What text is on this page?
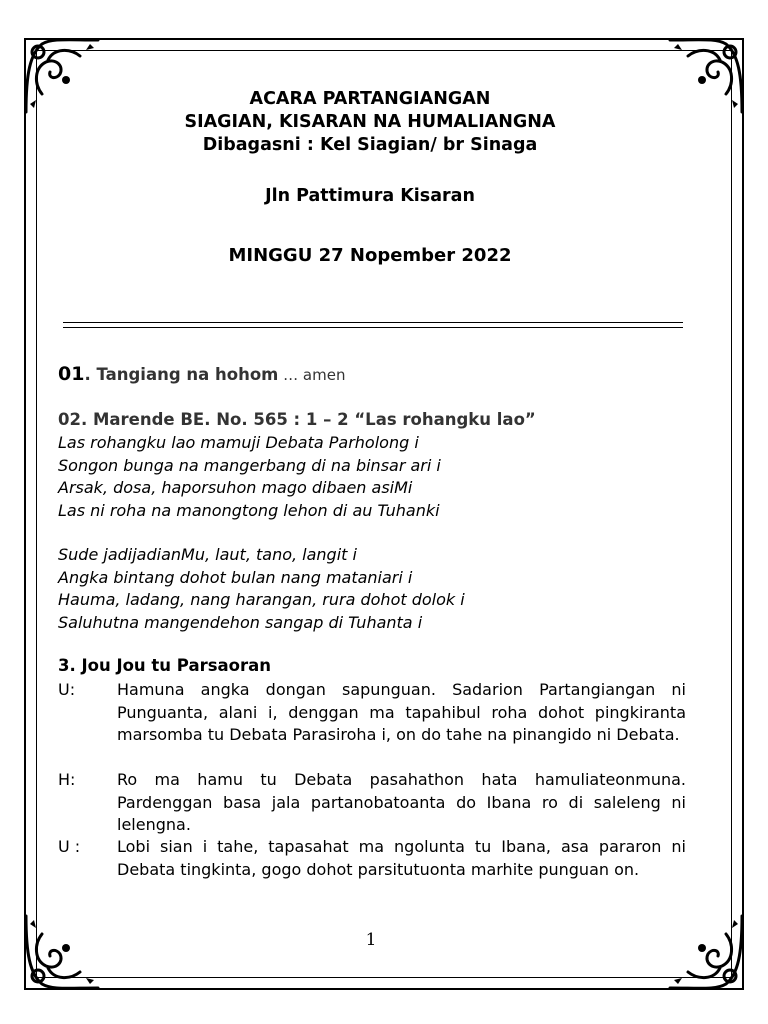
ACARA PARTANGIANGAN
SIAGIAN, KISARAN NA HUMALIANGNA
Dibagasni : Kel Siagian/ br Sinaga
Jln Pattimura Kisaran
MINGGU 27 Nopember 2022
01. Tangiang na hohom … amen
02. Marende BE. No. 565 : 1 – 2 “Las rohangku lao”
Las rohangku lao mamuji Debata Parholong i
Songon bunga na mangerbang di na binsar ari i
Arsak, dosa, haporsuhon mago dibaen asiMi
Las ni roha na manongtong lehon di au Tuhanki
Sude jadijadianMu, laut, tano, langit i
Angka bintang dohot bulan nang mataniari i
Hauma, ladang, nang harangan, rura dohot dolok i
Saluhutna mangendehon sangap di Tuhanta i
3. Jou Jou tu Parsaoran
U:	Hamuna angka dongan sapunguan. Sadarion Partangiangan ni Punguanta, alani i, denggan ma tapahibul roha dohot pingkiranta marsomba tu Debata Parasiroha i, on do tahe na pinangido ni Debata.
H:	Ro ma hamu tu Debata pasahathon hata hamuliateonmuna. Pardenggan basa jala partanobatoanta do Ibana ro di saleleng ni lelengna.
U :	Lobi sian i tahe, tapasahat ma ngolunta tu Ibana, asa pararon ni Debata tingkinta, gogo dohot parsitutuonta marhite punguan on.
1
